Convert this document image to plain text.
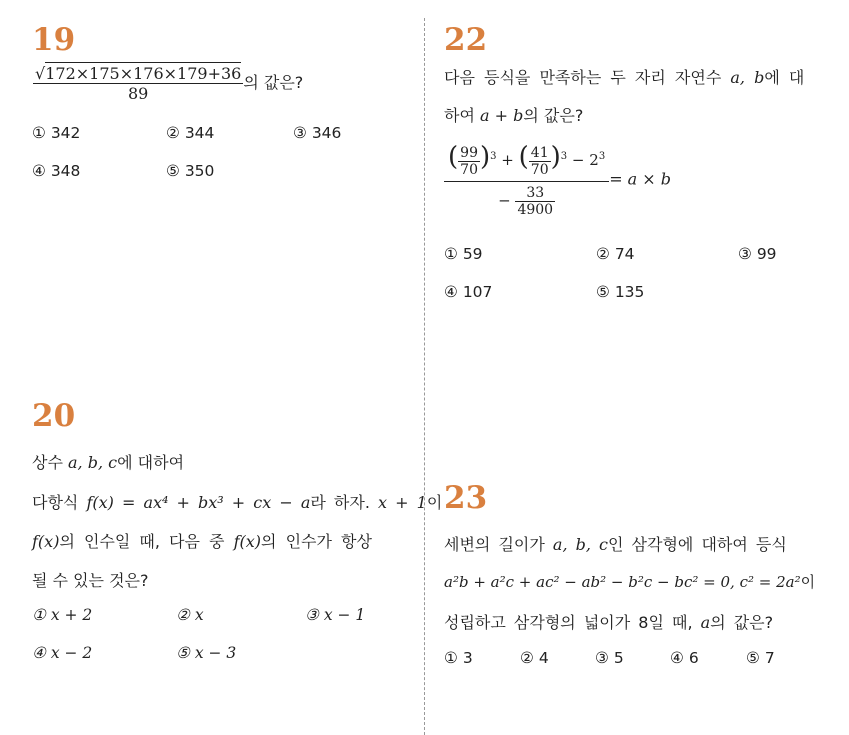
19
$\frac{√172\times 175\times 176\times 179+36}{89}$ 의 값은?
① 342	② 344	③ 346
④ 348	⑤ 350
20
상수 a, b, c에 대하여
다항식 f(x) = ax⁴ + bx³ + cx − a라 하자. x + 1이
f(x)의 인수일 때, 다음 중 f(x)의 인수가 항상
될 수 있는 것은?
① x + 2	② x	③ x − 1
④ x − 2	⑤ x − 3
22
다음 등식을 만족하는 두 자리 자연수 a, b에 대
하여 a + b의 값은?
$\frac{( \frac{99}{70} )^3 + ( \frac{41}{70} )^3 - 2^3}{- \frac{33}{4900}} = a \times b$
① 59	② 74	③ 99
④ 107	⑤ 135
23
세변의 길이가 a, b, c인 삼각형에 대하여 등식
a²b + a²c + ac² − ab² − b²c − bc² = 0, c² = 2a²이
성립하고 삼각형의 넓이가 8일 때, a의 값은?
① 3	② 4	③ 5	④ 6	⑤ 7
